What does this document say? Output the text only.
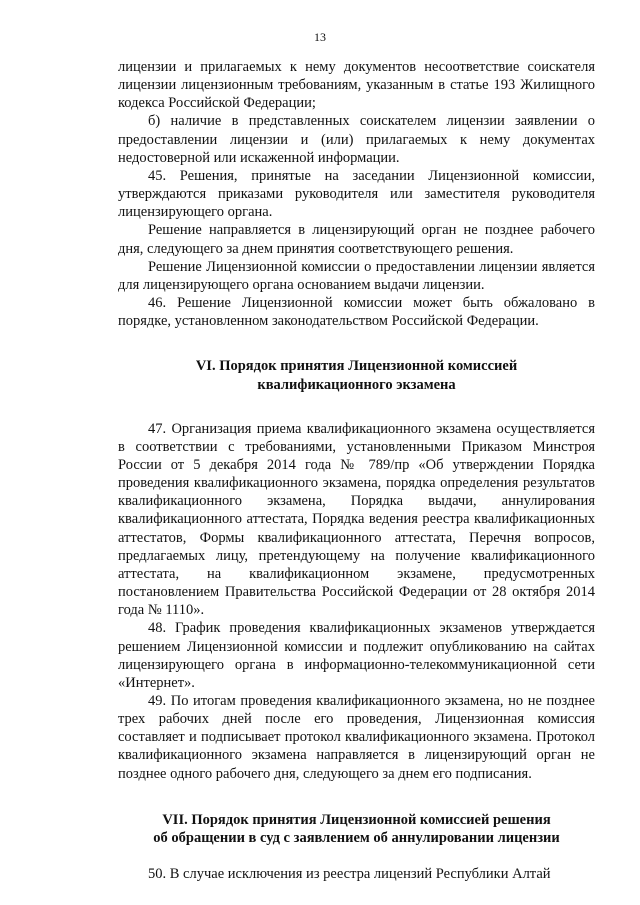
13

лицензии и прилагаемых к нему документов несоответствие соискателя лицензии лицензионным требованиям, указанным в статье 193 Жилищного кодекса Российской Федерации;

б) наличие в представленных соискателем лицензии заявлении о предоставлении лицензии и (или) прилагаемых к нему документах недостоверной или искаженной информации.

45. Решения, принятые на заседании Лицензионной комиссии, утверждаются приказами руководителя или заместителя руководителя лицензирующего органа.

Решение направляется в лицензирующий орган не позднее рабочего дня, следующего за днем принятия соответствующего решения.

Решение Лицензионной комиссии о предоставлении лицензии является для лицензирующего органа основанием выдачи лицензии.

46. Решение Лицензионной комиссии может быть обжаловано в порядке, установленном законодательством Российской Федерации.

VI. Порядок принятия Лицензионной комиссией
квалификационного экзамена

47. Организация приема квалификационного экзамена осуществляется в соответствии с требованиями, установленными Приказом Минстроя России от 5 декабря 2014 года № 789/пр «Об утверждении Порядка проведения квалификационного экзамена, порядка определения результатов квалификационного экзамена, Порядка выдачи, аннулирования квалификационного аттестата, Порядка ведения реестра квалификационных аттестатов, Формы квалификационного аттестата, Перечня вопросов, предлагаемых лицу, претендующему на получение квалификационного аттестата, на квалификационном экзамене, предусмотренных постановлением Правительства Российской Федерации от 28 октября 2014 года № 1110».

48. График проведения квалификационных экзаменов утверждается решением Лицензионной комиссии и подлежит опубликованию на сайтах лицензирующего органа в информационно-телекоммуникационной сети «Интернет».

49. По итогам проведения квалификационного экзамена, но не позднее трех рабочих дней после его проведения, Лицензионная комиссия составляет и подписывает протокол квалификационного экзамена. Протокол квалификационного экзамена направляется в лицензирующий орган не позднее одного рабочего дня, следующего за днем его подписания.

VII. Порядок принятия Лицензионной комиссией решения
об обращении в суд с заявлением об аннулировании лицензии

50. В случае исключения из реестра лицензий Республики Алтай
